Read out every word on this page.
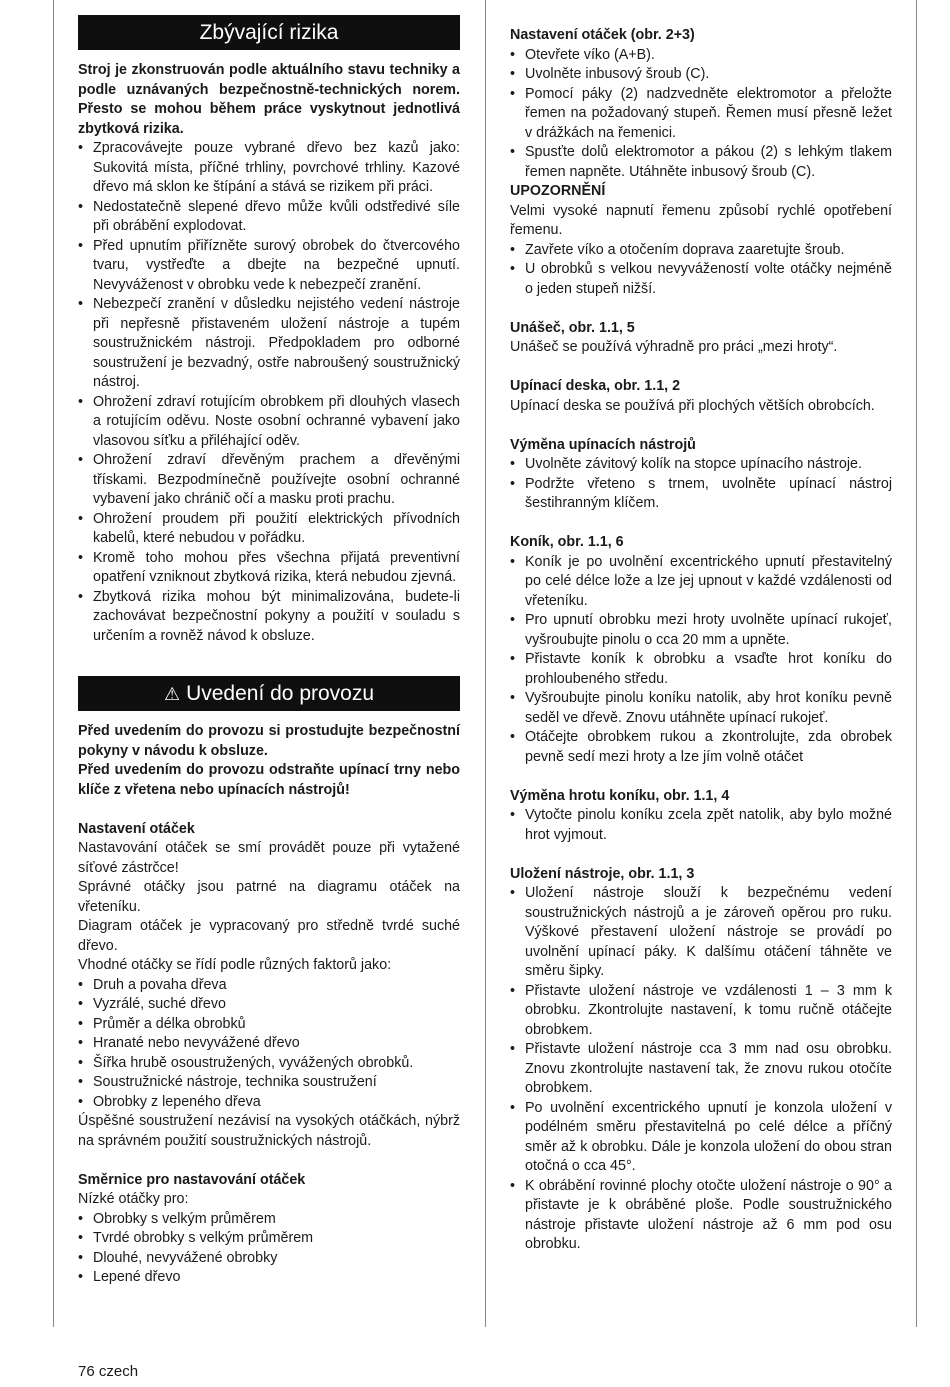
Zbývající rizika

Stroj je zkonstruován podle aktuálního stavu techniky a podle uznávaných bezpečnostně-technických norem. Přesto se mohou během práce vyskytnout jednotlivá zbytková rizika.

• Zpracovávejte pouze vybrané dřevo bez kazů jako: Sukovitá místa, příčné trhliny, povrchové trhliny. Kazové dřevo má sklon ke štípání a stává se rizikem při práci.
• Nedostatečně slepené dřevo může kvůli odstředivé síle při obrábění explodovat.
• Před upnutím přiřízněte surový obrobek do čtvercového tvaru, vystřeďte a dbejte na bezpečné upnutí. Nevyváženost v obrobku vede k nebezpečí zranění.
• Nebezpečí zranění v důsledku nejistého vedení nástroje při nepřesně přistaveném uložení nástroje a tupém soustružnickém nástroji. Předpokladem pro odborné soustružení je bezvadný, ostře nabroušený soustružnický nástroj.
• Ohrožení zdraví rotujícím obrobkem při dlouhých vlasech a rotujícím oděvu. Noste osobní ochranné vybavení jako vlasovou síťku a přiléhající oděv.
• Ohrožení zdraví dřevěným prachem a dřevěnými třískami. Bezpodmínečně používejte osobní ochranné vybavení jako chránič očí a masku proti prachu.
• Ohrožení proudem při použití elektrických přívodních kabelů, které nebudou v pořádku.
• Kromě toho mohou přes všechna přijatá preventivní opatření vzniknout zbytková rizika, která nebudou zjevná.
• Zbytková rizika mohou být minimalizována, budete-li zachovávat bezpečnostní pokyny a použití v souladu s určením a rovněž návod k obsluze.
⚠ Uvedení do provozu

Před uvedením do provozu si prostudujte bezpečnostní pokyny v návodu k obsluze.

Před uvedením do provozu odstraňte upínací trny nebo klíče z vřetena nebo upínacích nástrojů!

Nastavení otáček

Nastavování otáček se smí provádět pouze při vytažené síťové zástrčce!

Správné otáčky jsou patrné na diagramu otáček na vřeteníku.

Diagram otáček je vypracovaný pro středně tvrdé suché dřevo.

Vhodné otáčky se řídí podle různých faktorů jako:

• Druh a povaha dřeva
• Vyzrálé, suché dřevo
• Průměr a délka obrobků
• Hranaté nebo nevyvážené dřevo
• Šířka hrubě osoustružených, vyvážených obrobků.
• Soustružnické nástroje, technika soustružení
• Obrobky z lepeného dřeva

Úspěšné soustružení nezávisí na vysokých otáčkách, nýbrž na správném použití soustružnických nástrojů.

Směrnice pro nastavování otáček

Nízké otáčky pro:

• Obrobky s velkým průměrem
• Tvrdé obrobky s velkým průměrem
• Dlouhé, nevyvážené obrobky
• Lepené dřevo

Nastavení otáček (obr. 2+3)

• Otevřete víko (A+B).
• Uvolněte inbusový šroub (C).
• Pomocí páky (2) nadzvedněte elektromotor a přeložte řemen na požadovaný stupeň. Řemen musí přesně ležet v drážkách na řemenici.
• Spusťte dolů elektromotor a pákou (2) s lehkým tlakem řemen napněte. Utáhněte inbusový šroub (C).

UPOZORNĚNÍ

Velmi vysoké napnutí řemenu způsobí rychlé opotřebení řemenu.

• Zavřete víko a otočením doprava zaaretujte šroub.
• U obrobků s velkou nevyvážeností volte otáčky nejméně o jeden stupeň nižší.

Unášeč, obr. 1.1, 5

Unášeč se používá výhradně pro práci „mezi hroty“.

Upínací deska, obr. 1.1, 2

Upínací deska se používá při plochých větších obrobcích.

Výměna upínacích nástrojů

• Uvolněte závitový kolík na stopce upínacího nástroje.
• Podržte vřeteno s trnem, uvolněte upínací nástroj šestihranným klíčem.

Koník, obr. 1.1, 6

• Koník je po uvolnění excentrického upnutí přestavitelný po celé délce lože a lze jej upnout v každé vzdálenosti od vřeteníku.
• Pro upnutí obrobku mezi hroty uvolněte upínací rukojeť, vyšroubujte pinolu o cca 20 mm a upněte.
• Přistavte koník k obrobku a vsaďte hrot koníku do prohloubeného středu.
• Vyšroubujte pinolu koníku natolik, aby hrot koníku pevně seděl ve dřevě. Znovu utáhněte upínací rukojeť.
• Otáčejte obrobkem rukou a zkontrolujte, zda obrobek pevně sedí mezi hroty a lze jím volně otáčet

Výměna hrotu koníku, obr. 1.1, 4

• Vytočte pinolu koníku zcela zpět natolik, aby bylo možné hrot vyjmout.

Uložení nástroje, obr. 1.1, 3

• Uložení nástroje slouží k bezpečnému vedení soustružnických nástrojů a je zároveň opěrou pro ruku. Výškové přestavení uložení nástroje se provádí po uvolnění upínací páky. K dalšímu otáčení táhněte ve směru šipky.
• Přistavte uložení nástroje ve vzdálenosti 1 – 3 mm k obrobku. Zkontrolujte nastavení, k tomu ručně otáčejte obrobkem.
• Přistavte uložení nástroje cca 3 mm nad osu obrobku. Znovu zkontrolujte nastavení tak, že znovu rukou otočíte obrobkem.
• Po uvolnění excentrického upnutí je konzola uložení v podélném směru přestavitelná po celé délce a příčný směr až k obrobku. Dále je konzola uložení do obou stran otočná o cca 45°.
• K obrábění rovinné plochy otočte uložení nástroje o 90° a přistavte je k obráběné ploše. Podle soustružnického nástroje přistavte uložení nástroje až 6 mm pod osu obrobku.
76 czech
